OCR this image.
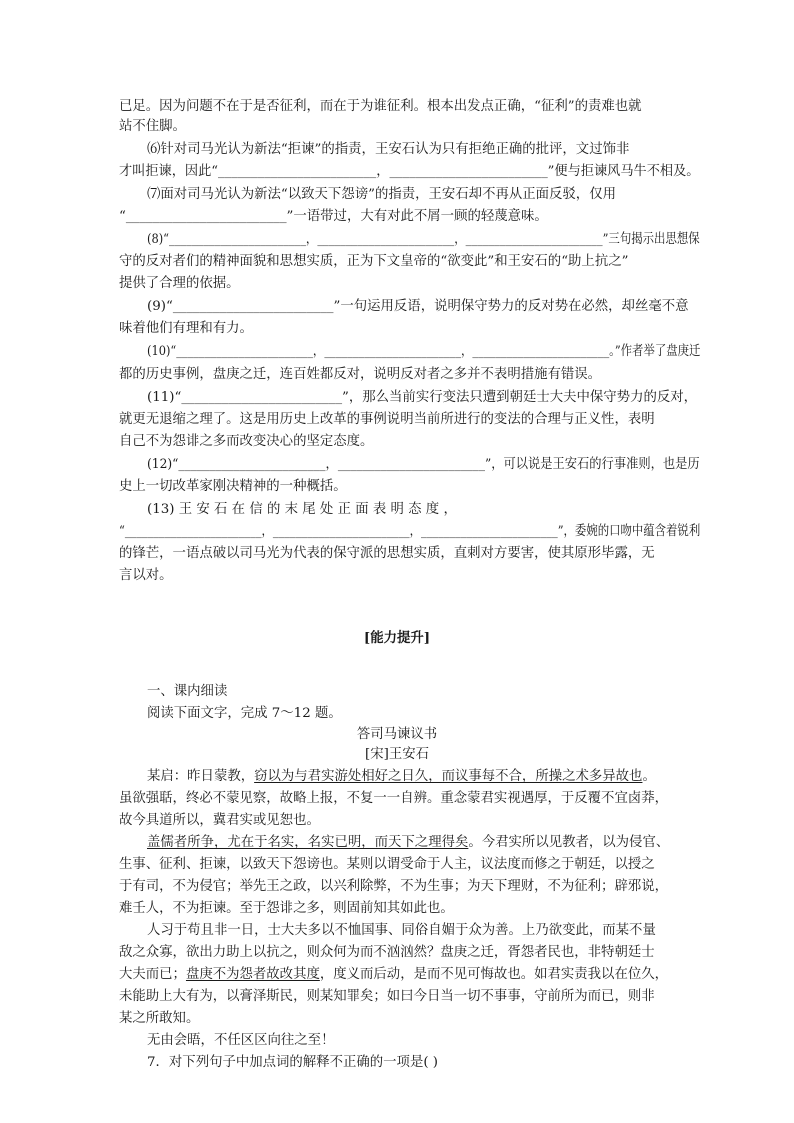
已足。因为问题不在于是否征利，而在于为谁征利。根本出发点正确，“征利”的责难也就
站不住脚。
⑹针对司马光认为新法“拒谏”的指责，王安石认为只有拒绝正确的批评，文过饰非
才叫拒谏，因此“________________________，________________________”便与拒谏风马牛不相及。
⑺面对司马光认为新法“以致天下怨谤”的指责，王安石却不再从正面反驳，仅用
“________________________”一语带过，大有对此不屑一顾的轻蔑意味。
(8)“________________________，________________________，________________________”三句揭示出思想保
守的反对者们的精神面貌和思想实质，正为下文皇帝的“欲变此”和王安石的“助上抗之”
提供了合理的依据。
(9)“________________________”一句运用反语，说明保守势力的反对势在必然，却丝毫不意
味着他们有理和有力。
(10)“________________________，________________________，________________________。”作者举了盘庚迁
都的历史事例，盘庚之迁，连百姓都反对，说明反对者之多并不表明措施有错误。
(11)“________________________”，那么当前实行变法只遭到朝廷士大夫中保守势力的反对，
就更无退缩之理了。这是用历史上改革的事例说明当前所进行的变法的合理与正义性，表明
自己不为怨诽之多而改变决心的坚定态度。
(12)“________________________，________________________”，可以说是王安石的行事准则，也是历
史上一切改革家刚决精神的一种概括。
(13) 王 安 石 在 信 的 末 尾 处 正 面 表 明 态 度 ，
“________________________，________________________，________________________”，委婉的口吻中蕴含着锐利
的锋芒，一语点破以司马光为代表的保守派的思想实质，直刺对方要害，使其原形毕露，无
言以对。
[能力提升]
一、课内细读
阅读下面文字，完成 7～12 题。
答司马谏议书
[宋]王安石
某启：昨日蒙教，窃以为与君实游处相好之日久，而议事每不合，所操之术多异故也。
虽欲强聒，终必不蒙见察，故略上报，不复一一自辨。重念蒙君实视遇厚，于反覆不宜卤莽，
故今具道所以，冀君实或见恕也。
盖儒者所争，尤在于名实，名实已明，而天下之理得矣。今君实所以见教者，以为侵官、
生事、征利、拒谏，以致天下怨谤也。某则以谓受命于人主，议法度而修之于朝廷，以授之
于有司，不为侵官；举先王之政，以兴利除弊，不为生事；为天下理财，不为征利；辟邪说，
难壬人，不为拒谏。至于怨诽之多，则固前知其如此也。
人习于苟且非一日，士大夫多以不恤国事、同俗自媚于众为善。上乃欲变此，而某不量
敌之众寡，欲出力助上以抗之，则众何为而不汹汹然？盘庚之迁，胥怨者民也，非特朝廷士
大夫而已；盘庚不为怨者故改其度，度义而后动，是而不见可悔故也。如君实责我以在位久，
未能助上大有为，以膏泽斯民，则某知罪矣；如曰今日当一切不事事，守前所为而已，则非
某之所敢知。
无由会晤，不任区区向往之至！
7．对下列句子中加点词的解释不正确的一项是( )
